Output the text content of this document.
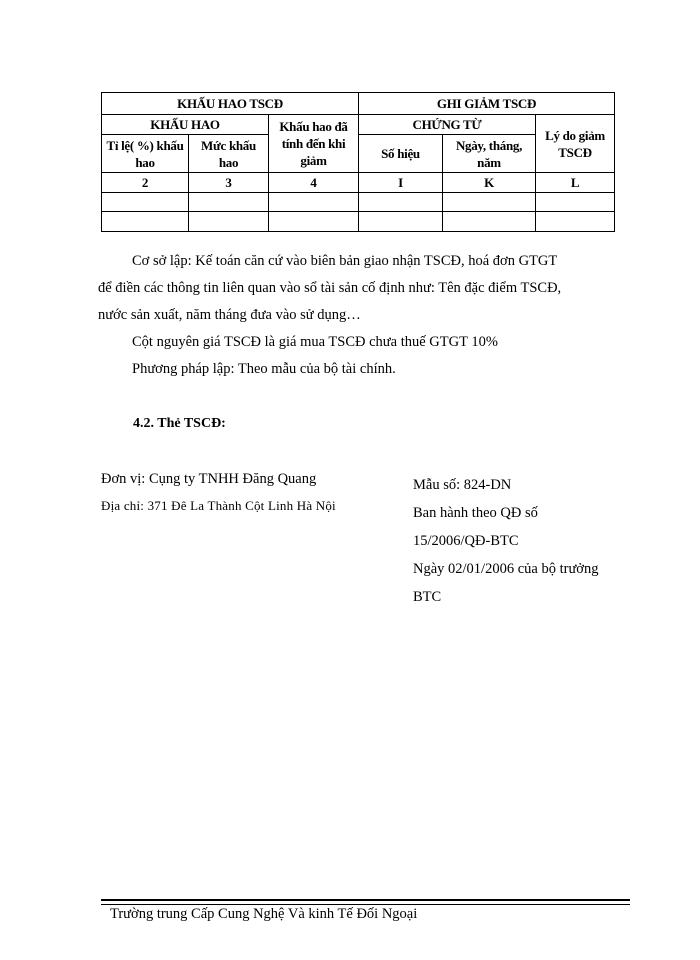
KHẤU HAO TSCĐ			GHI GIẢM TSCĐ		
KHẤU HAO		Khấu hao đã tính đến khi giảm	CHỨNG TỪ		Lý do giảm TSCĐ
Tỉ lệ( %) khấu hao	Mức khấu hao		Số hiệu	Ngày, tháng, năm	
2	3	4	I	K	L

Cơ sở lập: Kế toán căn cứ vào biên bản giao nhận TSCĐ, hoá đơn GTGT
để điền các thông tin liên quan vào sổ tài sản cố định như: Tên đặc điểm TSCĐ,
nước sản xuất, năm tháng đưa vào sử dụng…
Cột nguyên giá TSCĐ là giá mua TSCĐ chưa thuế GTGT 10%
Phương pháp lập: Theo mẫu của bộ tài chính.
4.2. Thẻ TSCĐ:
Đơn vị: Cụng ty TNHH Đăng Quang
Địa chỉ: 371 Đê La Thành Cột Linh Hà Nội
Mẫu số: 824-DN
Ban hành theo QĐ số
15/2006/QĐ-BTC
Ngày 02/01/2006 của bộ trưởng
BTC
Trường trung Cấp Cung Nghệ Và kinh Tế Đối Ngoại
